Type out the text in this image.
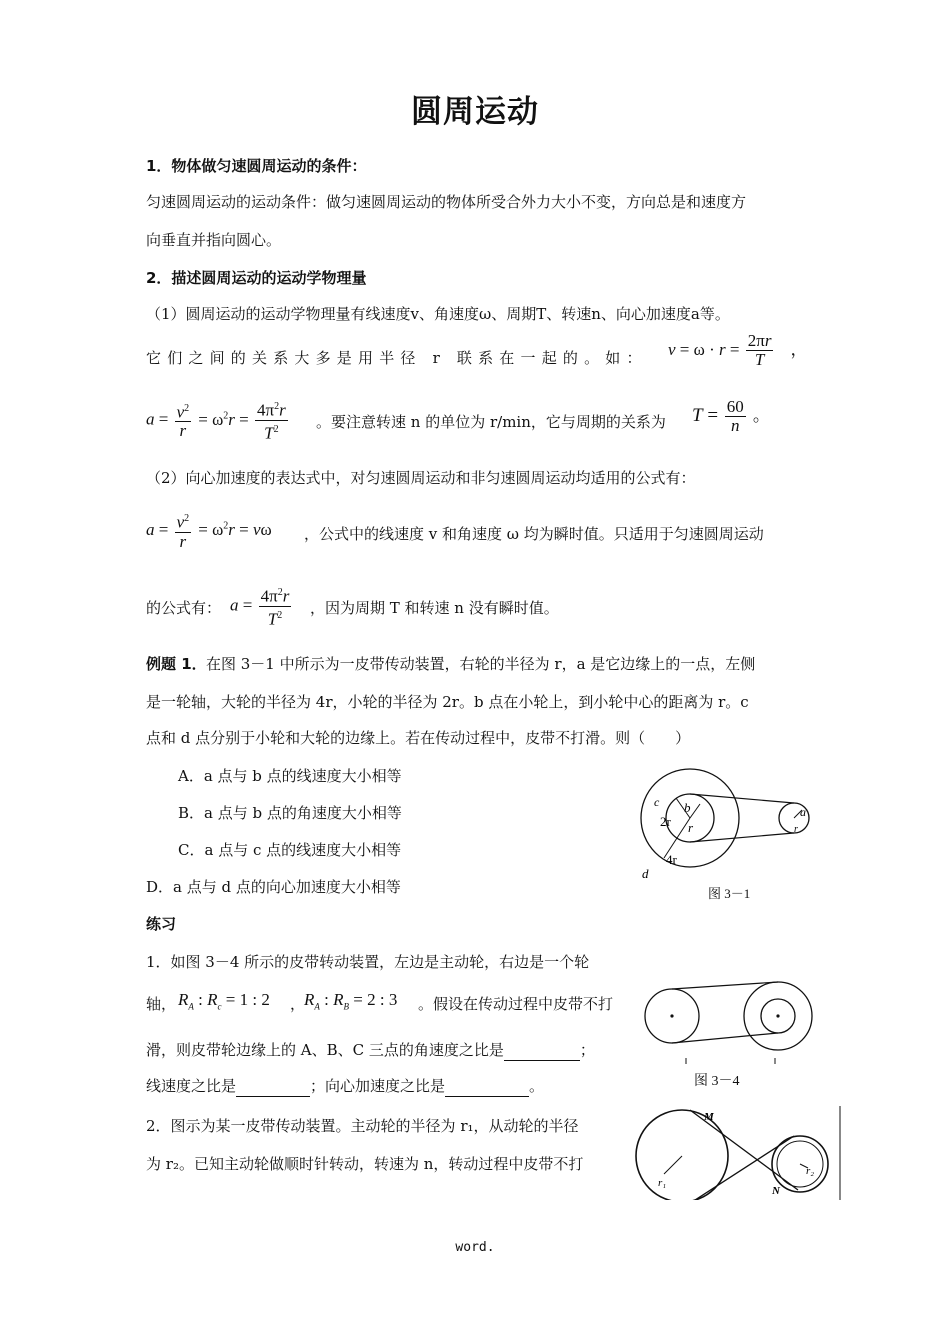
圆周运动
1．物体做匀速圆周运动的条件：
匀速圆周运动的运动条件：做匀速圆周运动的物体所受合外力大小不变，方向总是和速度方
向垂直并指向圆心。
2．描述圆周运动的运动学物理量
（1）圆周运动的运动学物理量有线速度v、角速度ω、周期T、转速n、向心加速度a等。
它们之间的关系大多是用半径 r 联系在一起的。如： $v = \omega \cdot r = \frac{2\pi r}{T}$ ，
$a = \frac{v^2}{r} = \omega^2r = \frac{4\pi^2r}{T^2}$ 。要注意转速 n 的单位为 r/min，它与周期的关系为 $T = \frac{60}{n}$ 。
（2）向心加速度的表达式中，对匀速圆周运动和非匀速圆周运动均适用的公式有：
$a = \frac{v^2}{r} = \omega^2r = v\omega$ ，公式中的线速度 v 和角速度 ω 均为瞬时值。只适用于匀速圆周运动
的公式有： $a = \frac{4\pi^2r}{T^2}$ ，因为周期 T 和转速 n 没有瞬时值。
例题 1． 在图 3－1 中所示为一皮带传动装置，右轮的半径为 r，a 是它边缘上的一点，左侧
是一轮轴，大轮的半径为 4r，小轮的半径为 2r。b 点在小轮上，到小轮中心的距离为 r。c
点和 d 点分别于小轮和大轮的边缘上。若在传动过程中，皮带不打滑。则（　　）
A．a 点与 b 点的线速度大小相等
B．a 点与 b 点的角速度大小相等
C．a 点与 c 点的线速度大小相等
D．a 点与 d 点的向心加速度大小相等
c b
r
2r
4r
d
a
r
图 3－1
练习
1．如图 3－4 所示的皮带转动装置，左边是主动轮，右边是一个轮
轴， $R_A$ : $R_c = 1$ : 2 ，
$R_A$ : $R_B = 2$ : 3 。假设在传动过程中皮带不打
滑，则皮带轮边缘上的 A、B、C 三点的角速度之比是	；
线速度之比是	；向心加速度之比是	。	图 3－4
2．图示为某一皮带传动装置。主动轮的半径为 r₁，从动轮的半径
为 r₂。已知主动轮做顺时针转动，转速为 n，转动过程中皮带不打
M
N
r₁
r₂
word.
